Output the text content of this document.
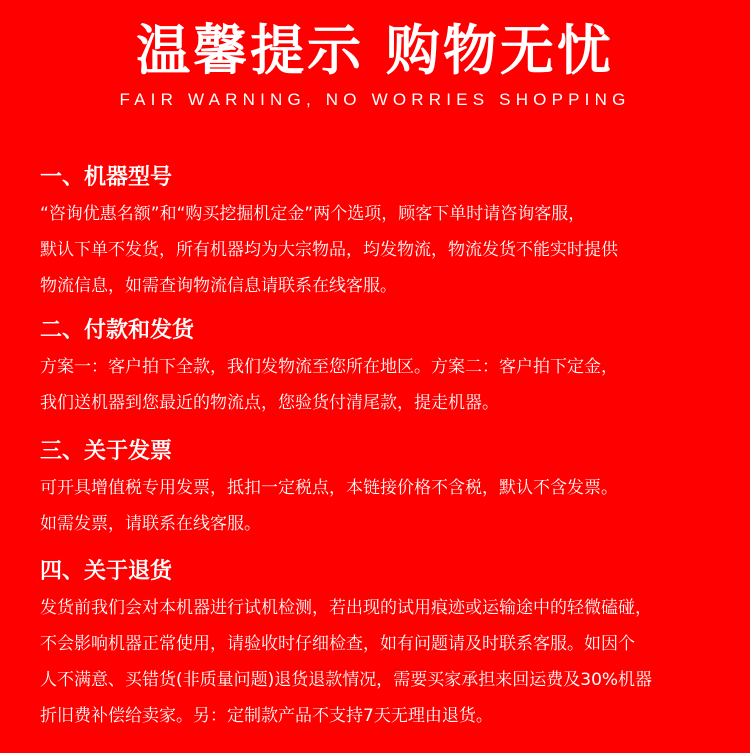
温馨提示 购物无忧
FAIR WARNING, NO WORRIES SHOPPING
一、机器型号
“咨询优惠名额”和“购买挖掘机定金”两个选项，顾客下单时请咨询客服，
默认下单不发货，所有机器均为大宗物品，均发物流，物流发货不能实时提供
物流信息，如需查询物流信息请联系在线客服。
二、付款和发货
方案一：客户拍下全款，我们发物流至您所在地区。方案二：客户拍下定金，
我们送机器到您最近的物流点，您验货付清尾款，提走机器。
三、关于发票
可开具增值税专用发票，抵扣一定税点，本链接价格不含税，默认不含发票。
如需发票，请联系在线客服。
四、关于退货
发货前我们会对本机器进行试机检测，若出现的试用痕迹或运输途中的轻微磕碰，
不会影响机器正常使用，请验收时仔细检查，如有问题请及时联系客服。如因个
人不满意、买错货(非质量问题)退货退款情况，需要买家承担来回运费及30%机器
折旧费补偿给卖家。另：定制款产品不支持7天无理由退货。
